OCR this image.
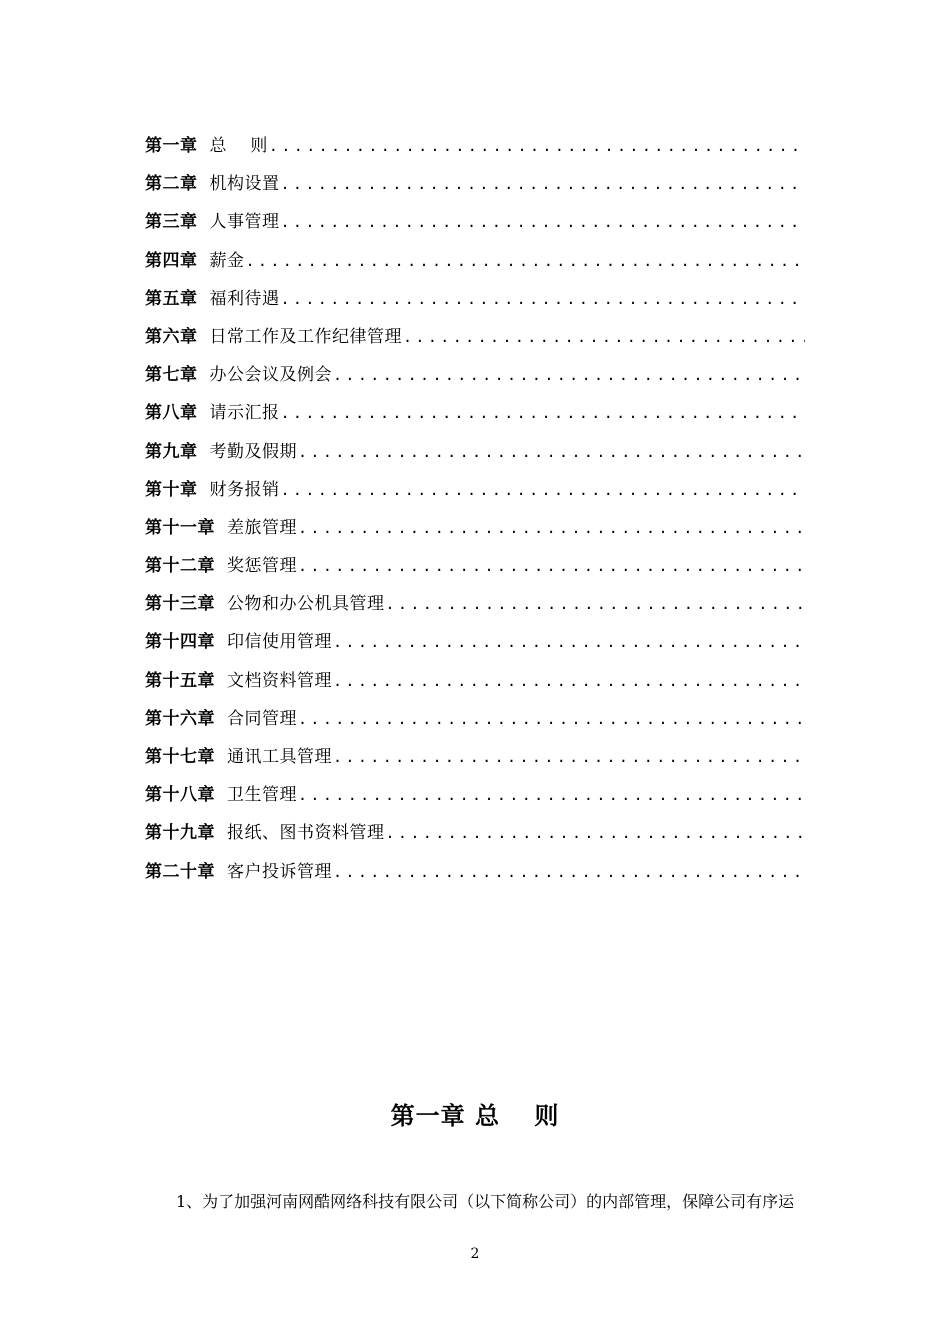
第一章 总　 则
.....
第二章 机构设置
.....
第三章 人事管理
.....
第四章 薪金
.....
第五章 福利待遇
.....
第六章 日常工作及工作纪律管理
.....
第七章 办公会议及例会
.....
第八章 请示汇报
.....
第九章 考勤及假期
.....
第十章 财务报销
.....
第十一章 差旅管理
.....
第十二章 奖惩管理
.....
第十三章 公物和办公机具管理
.....
第十四章 印信使用管理
.....
第十五章 文档资料管理
.....
第十六章 合同管理
.....
第十七章 通讯工具管理
.....
第十八章 卫生管理
.....
第十九章 报纸、图书资料管理
.....
第二十章 客户投诉管理
.....
第一章 总　 则
1、为了加强河南网酷网络科技有限公司（以下简称公司）的内部管理，保障公司有序运
2
